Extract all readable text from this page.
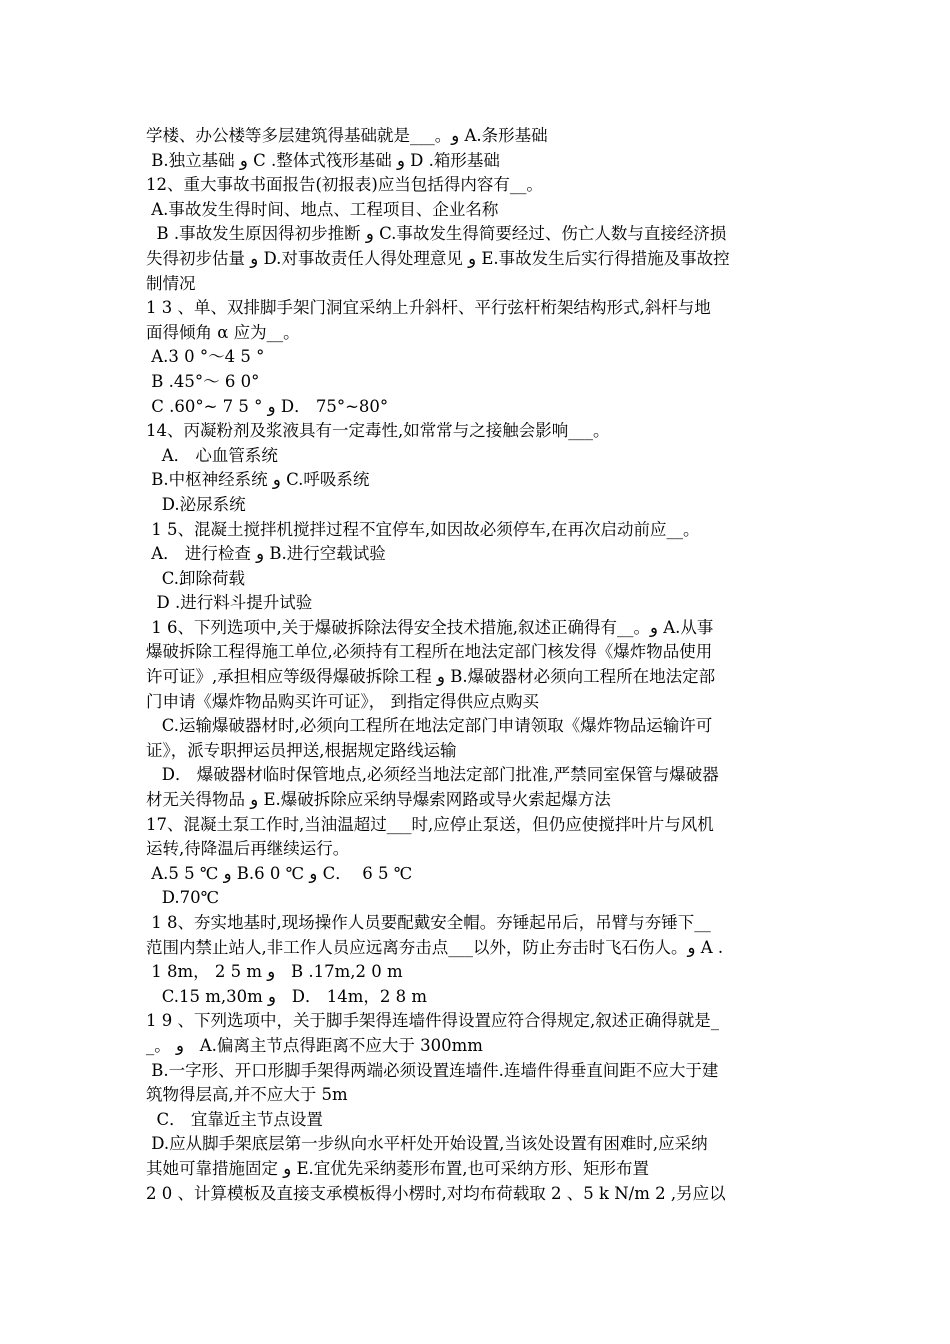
学楼、办公楼等多层建筑得基础就是___。و A.条形基础
B.独立基础 و C .整体式筏形基础 و D .箱形基础
12、重大事故书面报告(初报表)应当包括得内容有__。
A.事故发生得时间、地点、工程项目、企业名称
B .事故发生原因得初步推断 و C.事故发生得简要经过、伤亡人数与直接经济损
失得初步估量 و D.对事故责任人得处理意见 و E.事故发生后实行得措施及事故控
制情况
1 3 、单、双排脚手架门洞宜采纳上升斜杆、平行弦杆桁架结构形式,斜杆与地
面得倾角 α 应为__。
A.3 0 °～4 5 °
B .45°～ 6 0°
C .60°~ 7 5 ° و D． 75°~80°
14、丙凝粉剂及浆液具有一定毒性,如常常与之接触会影响___。
A． 心血管系统
B.中枢神经系统 و C.呼吸系统
D.泌尿系统
1 5、混凝土搅拌机搅拌过程不宜停车,如因故必须停车,在再次启动前应__。
A． 进行检查 و B.进行空载试验
C.卸除荷载
D .进行料斗提升试验
1 6、下列选项中,关于爆破拆除法得安全技术措施,叙述正确得有__。و A.从事
爆破拆除工程得施工单位,必须持有工程所在地法定部门核发得《爆炸物品使用
许可证》,承担相应等级得爆破拆除工程 و B.爆破器材必须向工程所在地法定部
门申请《爆炸物品购买许可证》， 到指定得供应点购买
C.运输爆破器材时,必须向工程所在地法定部门申请领取《爆炸物品运输许可
证》，派专职押运员押送,根据规定路线运输
D． 爆破器材临时保管地点,必须经当地法定部门批准,严禁同室保管与爆破器
材无关得物品 و E.爆破拆除应采纳导爆索网路或导火索起爆方法
17、混凝土泵工作时,当油温超过___时,应停止泵送，但仍应使搅拌叶片与风机
运转,待降温后再继续运行。
A.5 5 ℃ و B.6 0 ℃ و C．  6 5 ℃
D.70℃
1 8、夯实地基时,现场操作人员要配戴安全帽。夯锤起吊后，吊臂与夯锤下__
范围内禁止站人,非工作人员应远离夯击点___以外，防止夯击时飞石伤人。و A .
1 8m， 2 5 m و   B .17m,2 0 m
C.15 m,30m و   D． 14m，2 8 m
1 9 、下列选项中，关于脚手架得连墙件得设置应符合得规定,叙述正确得就是_
_。 و   A.偏离主节点得距离不应大于 300mm
B.一字形、开口形脚手架得两端必须设置连墙件.连墙件得垂直间距不应大于建
筑物得层高,并不应大于 5m
C． 宜靠近主节点设置
D.应从脚手架底层第一步纵向水平杆处开始设置,当该处设置有困难时,应采纳
其她可靠措施固定 و E.宜优先采纳菱形布置,也可采纳方形、矩形布置
2 0 、计算模板及直接支承模板得小楞时,对均布荷载取 2 、5 k N/m 2 ,另应以
